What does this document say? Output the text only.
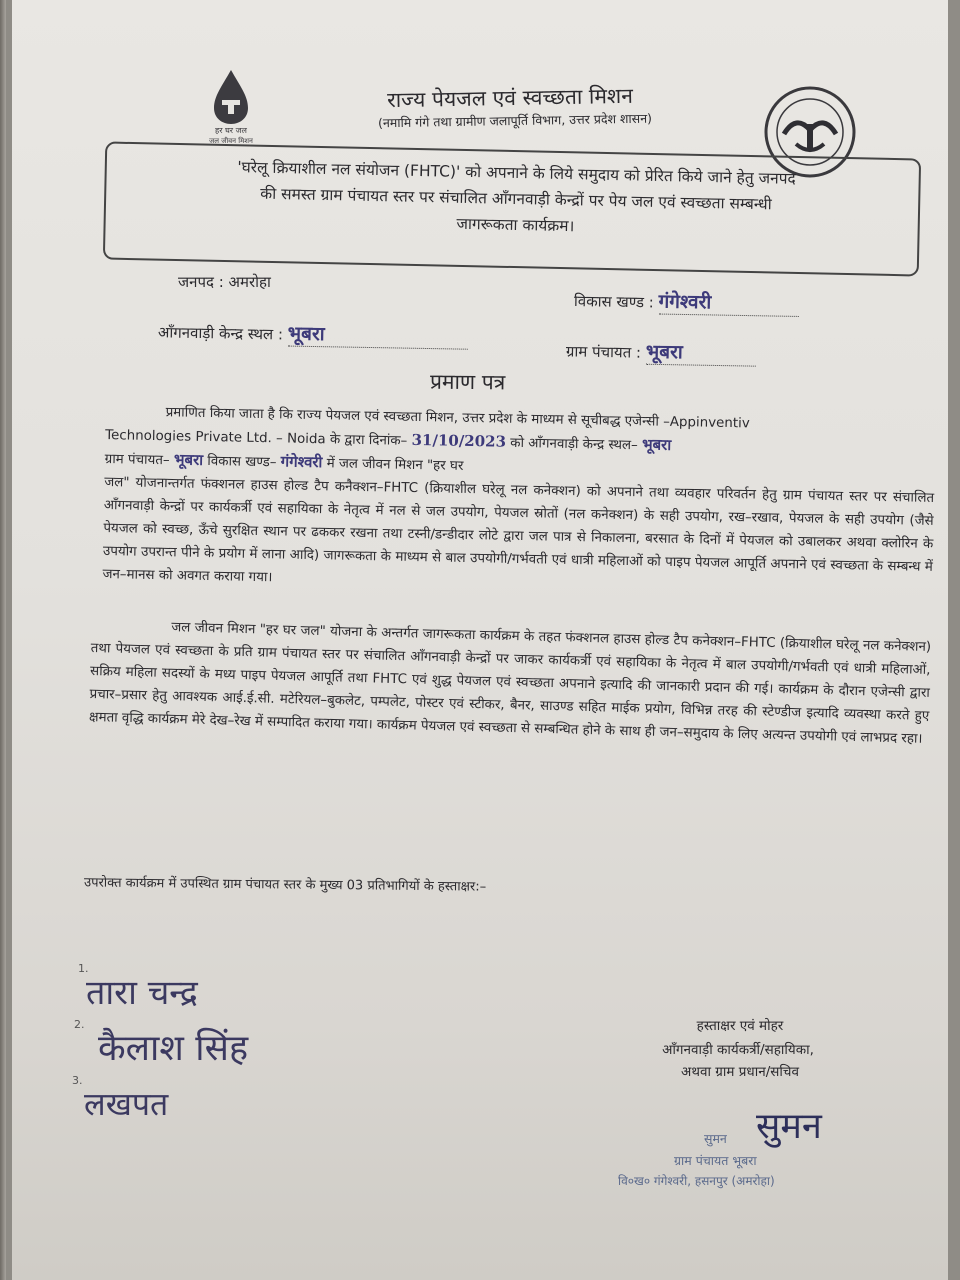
हर घर जल
जल जीवन मिशन
राज्य पेयजल एवं स्वच्छता मिशन
(नमामि गंगे तथा ग्रामीण जलापूर्ति विभाग, उत्तर प्रदेश शासन)
'घरेलू क्रियाशील नल संयोजन (FHTC)' को अपनाने के लिये समुदाय को प्रेरित किये जाने हेतु जनपद
की समस्त ग्राम पंचायत स्तर पर संचालित आँगनवाड़ी केन्द्रों पर पेय जल एवं स्वच्छता सम्बन्धी
जागरूकता कार्यक्रम।
जनपद : अमरोहा
विकास खण्ड : गंगेश्वरी
आँगनवाड़ी केन्द्र स्थल : भूबरा
ग्राम पंचायत : भूबरा
प्रमाण पत्र
प्रमाणित किया जाता है कि राज्य पेयजल एवं स्वच्छता मिशन, उत्तर प्रदेश के माध्यम से सूचीबद्ध एजेन्सी –Appinventiv
Technologies Private Ltd. – Noida के द्वारा दिनांक– 31/10/2023 को आँगनवाड़ी केन्द्र स्थल– भूबरा
ग्राम पंचायत– भूबरा विकास खण्ड– गंगेश्वरी में जल जीवन मिशन "हर घर
जल" योजनान्तर्गत फंक्शनल हाउस होल्ड टैप कनैक्शन–FHTC (क्रियाशील घरेलू नल कनेक्शन) को अपनाने तथा व्यवहार परिवर्तन हेतु ग्राम पंचायत स्तर पर संचालित आँगनवाड़ी केन्द्रों पर कार्यकर्त्री एवं सहायिका के नेतृत्व में नल से जल उपयोग, पेयजल स्रोतों (नल कनेक्शन) के सही उपयोग, रख–रखाव, पेयजल के सही उपयोग (जैसे पेयजल को स्वच्छ, ऊँचे सुरक्षित स्थान पर ढककर रखना तथा टस्नी/डन्डीदार लोटे द्वारा जल पात्र से निकालना, बरसात के दिनों में पेयजल को उबालकर अथवा क्लोरिन के उपयोग उपरान्त पीने के प्रयोग में लाना आदि) जागरूकता के माध्यम से बाल उपयोगी/गर्भवती एवं धात्री महिलाओं को पाइप पेयजल आपूर्ति अपनाने एवं स्वच्छता के सम्बन्ध में जन–मानस को अवगत कराया गया।
जल जीवन मिशन "हर घर जल" योजना के अन्तर्गत जागरूकता कार्यक्रम के तहत फंक्शनल हाउस होल्ड टैप कनेक्शन–FHTC (क्रियाशील घरेलू नल कनेक्शन) तथा पेयजल एवं स्वच्छता के प्रति ग्राम पंचायत स्तर पर संचालित आँगनवाड़ी केन्द्रों पर जाकर कार्यकर्त्री एवं सहायिका के नेतृत्व में बाल उपयोगी/गर्भवती एवं धात्री महिलाओं, सक्रिय महिला सदस्यों के मध्य पाइप पेयजल आपूर्ति तथा FHTC एवं शुद्ध पेयजल एवं स्वच्छता अपनाने इत्यादि की जानकारी प्रदान की गई। कार्यक्रम के दौरान एजेन्सी द्वारा प्रचार–प्रसार हेतु आवश्यक आई.ई.सी. मटेरियल–बुकलेट, पम्पलेट, पोस्टर एवं स्टीकर, बैनर, साउण्ड सहित माईक प्रयोग, विभिन्न तरह की स्टेण्डीज इत्यादि व्यवस्था करते हुए क्षमता वृद्धि कार्यक्रम मेरे देख–रेख में सम्पादित कराया गया। कार्यक्रम पेयजल एवं स्वच्छता से सम्बन्धित होने के साथ ही जन–समुदाय के लिए अत्यन्त उपयोगी एवं लाभप्रद रहा।
उपरोक्त कार्यक्रम में उपस्थित ग्राम पंचायत स्तर के मुख्य 03 प्रतिभागियों के हस्ताक्षर:–
1.
तारा चन्द्र
2.
कैलाश सिंह
3.
लखपत
हस्ताक्षर एवं मोहर
आँगनवाड़ी कार्यकर्त्री/सहायिका,
अथवा ग्राम प्रधान/सचिव
सुमन
सुमन
ग्राम पंचायत भूबरा
वि०ख० गंगेश्वरी, हसनपुर (अमरोहा)
